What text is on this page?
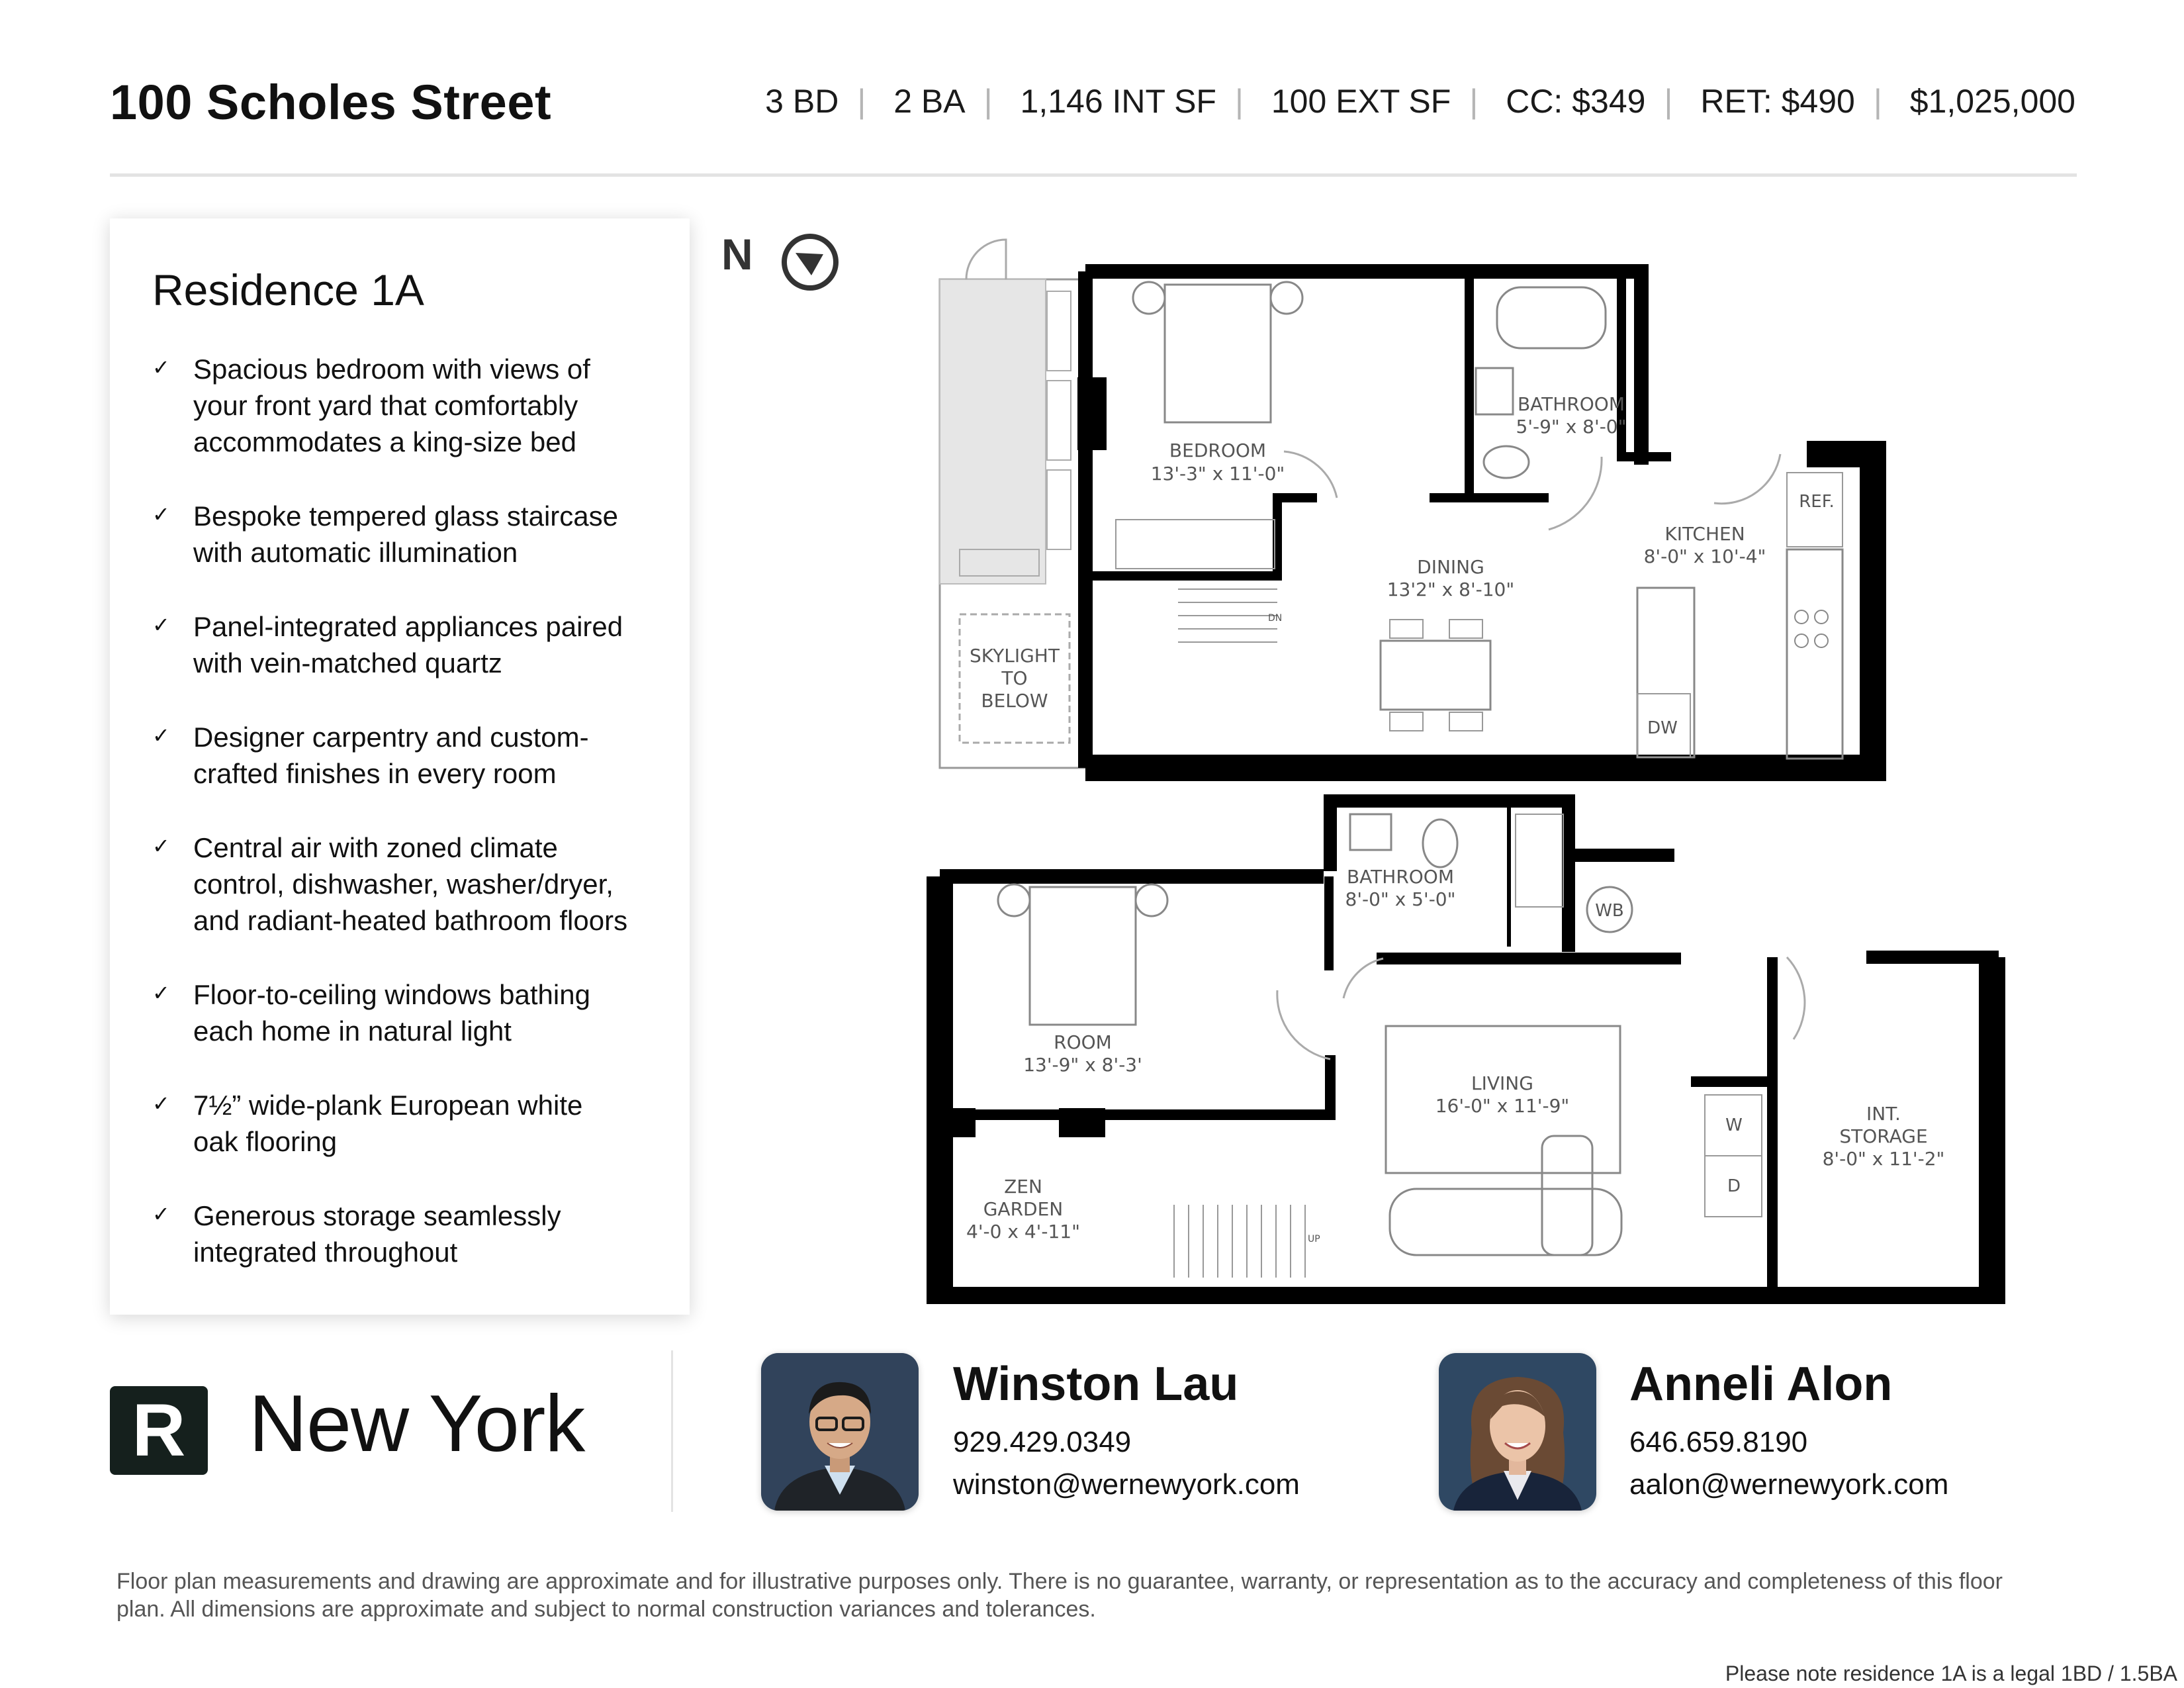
100 Scholes Street	3 BD | 2 BA | 1,146 INT SF | 100 EXT SF | CC: $349 | RET: $490 | $1,025,000
Residence 1A
✓ Spacious bedroom with views of
your front yard that comfortably
accommodates a king-size bed
✓ Bespoke tempered glass staircase
with automatic illumination
✓ Panel-integrated appliances paired
with vein-matched quartz
✓ Designer carpentry and custom-
crafted finishes in every room
✓ Central air with zoned climate
control, dishwasher, washer/dryer,
and radiant-heated bathroom floors
✓ Floor-to-ceiling windows bathing
each home in natural light
✓ 7½” wide-plank European white
oak flooring
✓ Generous storage seamlessly
integrated throughout
N
BEDROOM 13'-3" x 11'-0"
BATHROOM 5'-9" x 8'-0"
DINING 13'2" x 8'-10"
KITCHEN 8'-0" x 10'-4"
SKYLIGHT TO BELOW
REF.
DW
DN
BATHROOM 8'-0" x 5'-0"
WB
ROOM 13'-9" x 8'-3'
LIVING 16'-0" x 11'-9"	INT. STORAGE 8'-0" x 11'-2"
ZEN GARDEN 4'-0 x 4'-11"
W
D
UP
R New York	Winston Lau
929.429.0349
winston@wernewyork.com
Anneli Alon
646.659.8190
aalon@wernewyork.com
Floor plan measurements and drawing are approximate and for illustrative purposes only. There is no guarantee, warranty, or representation as to the accuracy and completeness of this floor plan. All dimensions are approximate and subject to normal construction variances and tolerances.
Please note residence 1A is a legal 1BD / 1.5BA
